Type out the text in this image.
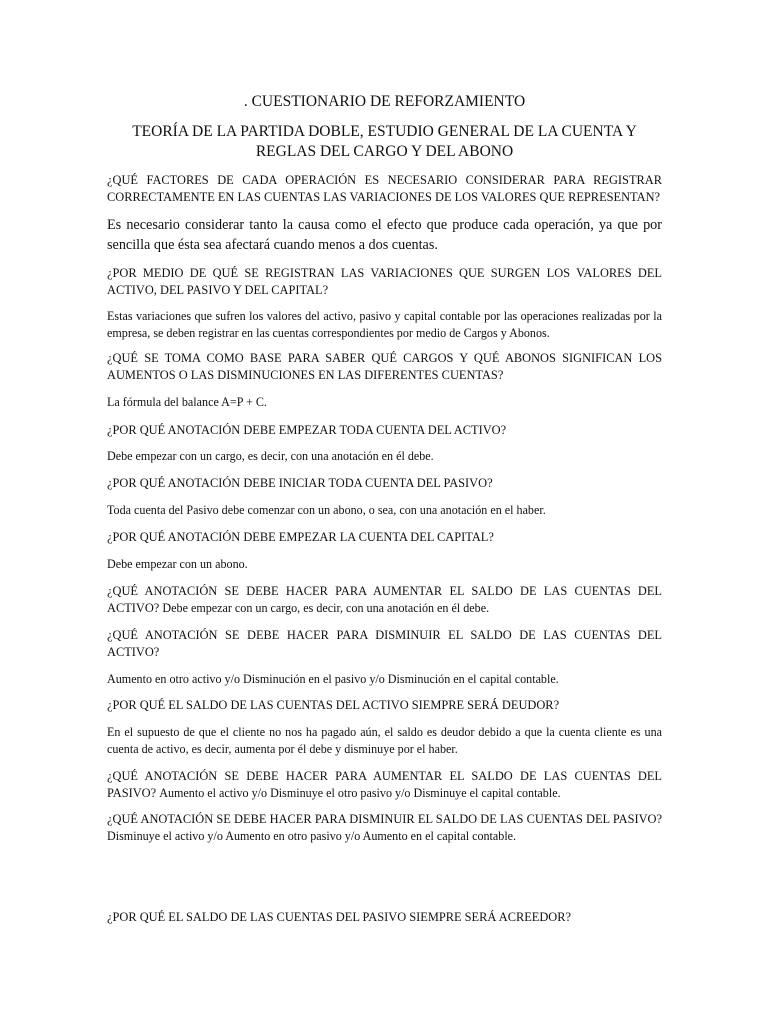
. CUESTIONARIO DE REFORZAMIENTO

TEORÍA DE LA PARTIDA DOBLE, ESTUDIO GENERAL DE LA CUENTA Y REGLAS DEL CARGO Y DEL ABONO

¿QUÉ FACTORES DE CADA OPERACIÓN ES NECESARIO CONSIDERAR PARA REGISTRAR CORRECTAMENTE EN LAS CUENTAS LAS VARIACIONES DE LOS VALORES QUE REPRESENTAN?

Es necesario considerar tanto la causa como el efecto que produce cada operación, ya que por sencilla que ésta sea afectará cuando menos a dos cuentas.

¿POR MEDIO DE QUÉ SE REGISTRAN LAS VARIACIONES QUE SURGEN LOS VALORES DEL ACTIVO, DEL PASIVO Y DEL CAPITAL?

Estas variaciones que sufren los valores del activo, pasivo y capital contable por las operaciones realizadas por la empresa, se deben registrar en las cuentas correspondientes por medio de Cargos y Abonos.

¿QUÉ SE TOMA COMO BASE PARA SABER QUÉ CARGOS Y QUÉ ABONOS SIGNIFICAN LOS AUMENTOS O LAS DISMINUCIONES EN LAS DIFERENTES CUENTAS?

La fórmula del balance A=P + C.

¿POR QUÉ ANOTACIÓN DEBE EMPEZAR TODA CUENTA DEL ACTIVO?

Debe empezar con un cargo, es decir, con una anotación en él debe.

¿POR QUÉ ANOTACIÓN DEBE INICIAR TODA CUENTA DEL PASIVO?

Toda cuenta del Pasivo debe comenzar con un abono, o sea, con una anotación en el haber.

¿POR QUÉ ANOTACIÓN DEBE EMPEZAR LA CUENTA DEL CAPITAL?

Debe empezar con un abono.

¿QUÉ ANOTACIÓN SE DEBE HACER PARA AUMENTAR EL SALDO DE LAS CUENTAS DEL ACTIVO? Debe empezar con un cargo, es decir, con una anotación en él debe.

¿QUÉ ANOTACIÓN SE DEBE HACER PARA DISMINUIR EL SALDO DE LAS CUENTAS DEL ACTIVO?

Aumento en otro activo y/o Disminución en el pasivo y/o Disminución en el capital contable.

¿POR QUÉ EL SALDO DE LAS CUENTAS DEL ACTIVO SIEMPRE SERÁ DEUDOR?

En el supuesto de que el cliente no nos ha pagado aún, el saldo es deudor debido a que la cuenta cliente es una cuenta de activo, es decir, aumenta por él debe y disminuye por el haber.

¿QUÉ ANOTACIÓN SE DEBE HACER PARA AUMENTAR EL SALDO DE LAS CUENTAS DEL PASIVO? Aumento el activo y/o Disminuye el otro pasivo y/o Disminuye el capital contable.

¿QUÉ ANOTACIÓN SE DEBE HACER PARA DISMINUIR EL SALDO DE LAS CUENTAS DEL PASIVO? Disminuye el activo y/o Aumento en otro pasivo y/o Aumento en el capital contable.

¿POR QUÉ EL SALDO DE LAS CUENTAS DEL PASIVO SIEMPRE SERÁ ACREEDOR?
